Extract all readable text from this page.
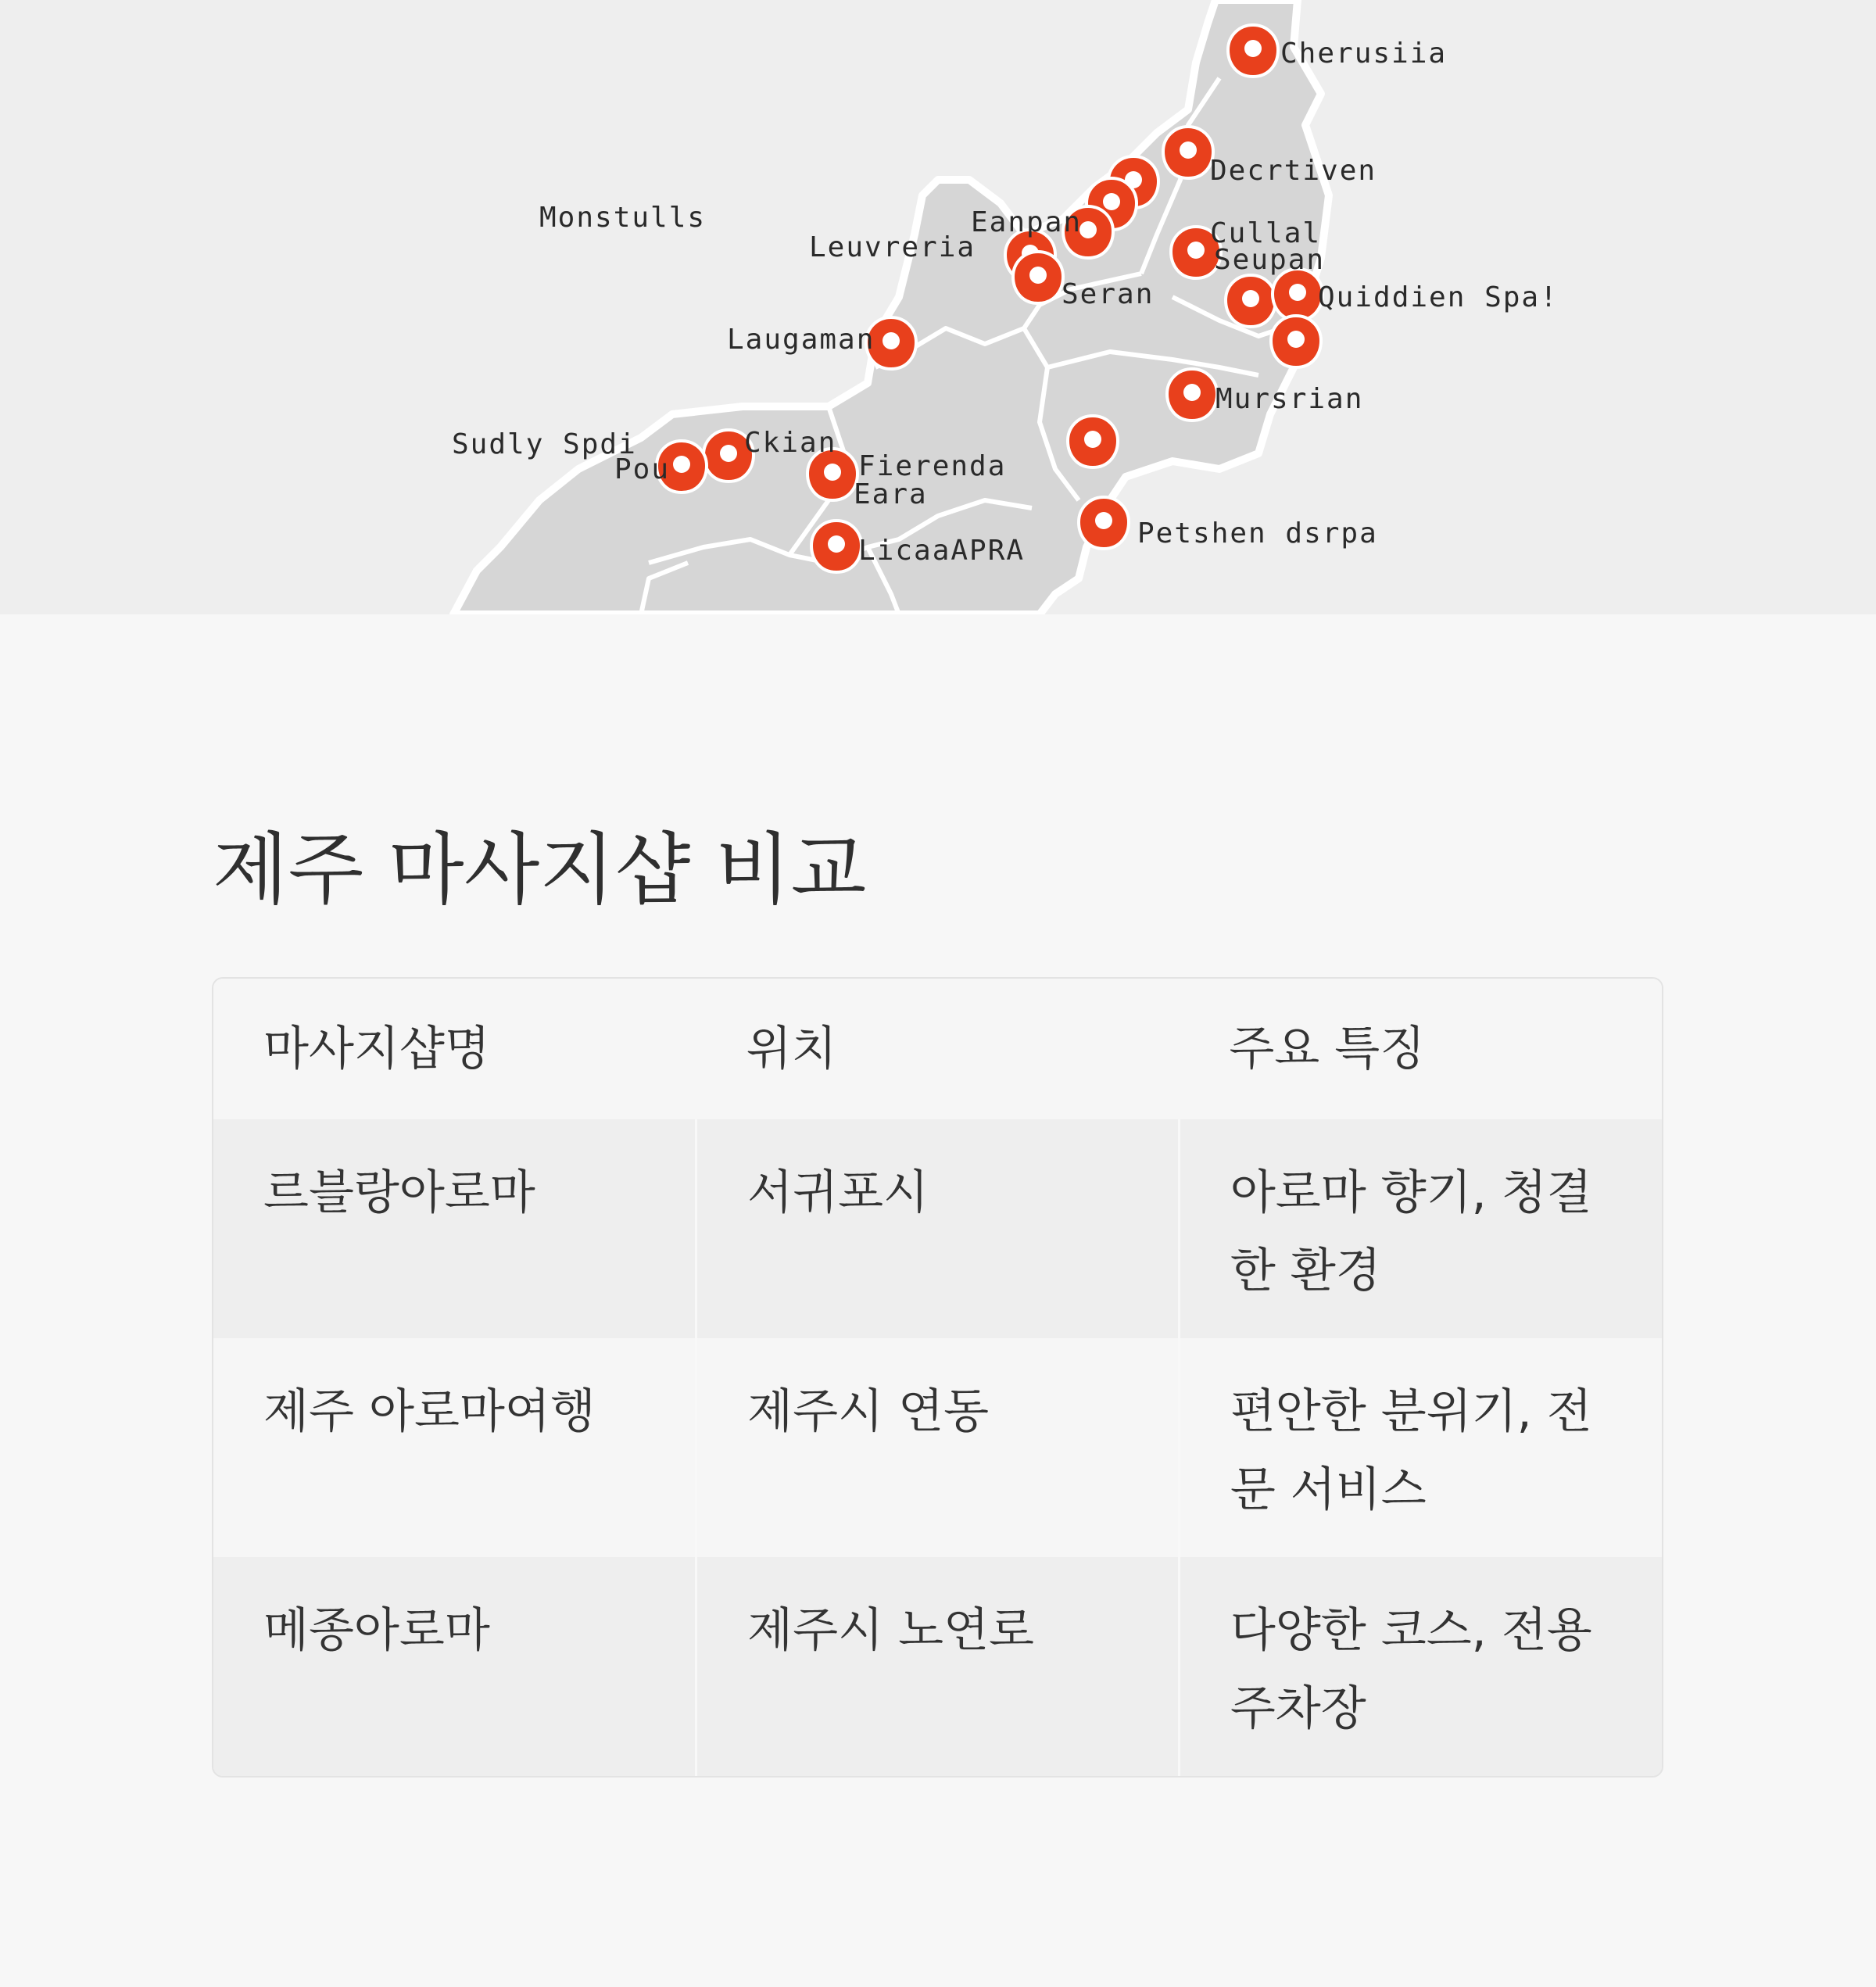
Cherusiia
Decrtiven
Monstulls	Eanpan
Leuvreria	Cullal
Seupan
Seran	Quiddien Spa!
Laugaman
Mursrian
Sudly Spdi	Ckian
Pou	Fierenda
Eara
Petshen dsrpa
LicaaAPRA
제주 마사지샵 비교
마사지샵명	위치	주요 특징
르블랑아로마	서귀포시	아로마 향기, 청결한 환경
제주 아로마여행	제주시 연동	편안한 분위기, 전문 서비스
메종아로마	제주시 노연로	다양한 코스, 전용 주차장
